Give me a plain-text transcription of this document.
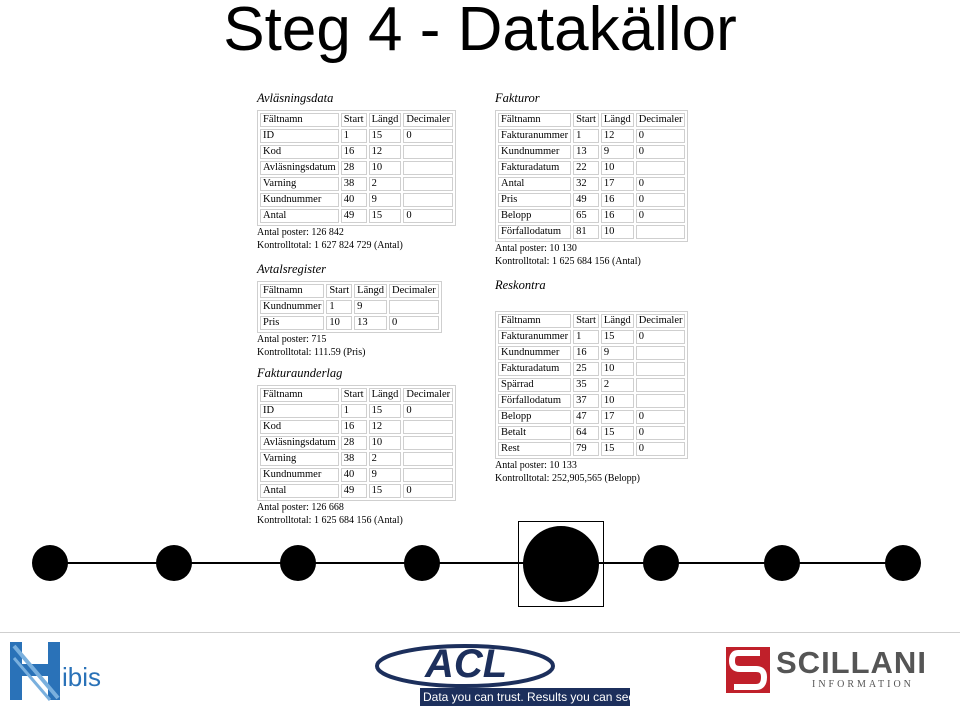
Steg 4 - Datakällor
Avläsningsdata
Fältnamn	Start	Längd	Decimaler
ID	1	15	0
Kod	16	12	
Avläsningsdatum	28	10	
Varning	38	2	
Kundnummer	40	9	
Antal	49	15	0
Antal poster: 126 842
Kontrolltotal: 1 627 824 729 (Antal)
Avtalsregister
Fältnamn	Start	Längd	Decimaler
Kundnummer	1	9	
Pris	10	13	0
Antal poster: 715
Kontrolltotal: 111.59 (Pris)
Fakturaunderlag
Fältnamn	Start	Längd	Decimaler
ID	1	15	0
Kod	16	12	
Avläsningsdatum	28	10	
Varning	38	2	
Kundnummer	40	9	
Antal	49	15	0
Antal poster: 126 668
Kontrolltotal: 1 625 684 156 (Antal)
Fakturor
Fältnamn	Start	Längd	Decimaler
Fakturanummer	1	12	0
Kundnummer	13	9	0
Fakturadatum	22	10	
Antal	32	17	0
Pris	49	16	0
Belopp	65	16	0
Förfallodatum	81	10	
Antal poster: 10 130
Kontrolltotal: 1 625 684 156 (Antal)
Reskontra
Fältnamn	Start	Längd	Decimaler
Fakturanummer	1	15	0
Kundnummer	16	9	
Fakturadatum	25	10	
Spärrad	35	2	
Förfallodatum	37	10	
Belopp	47	17	0
Betalt	64	15	0
Rest	79	15	0
Antal poster: 10 133
Kontrolltotal: 252,905,565 (Belopp)
ibis	ACL
Data you can trust. Results you can see.
SCILLANI
INFORMATION
